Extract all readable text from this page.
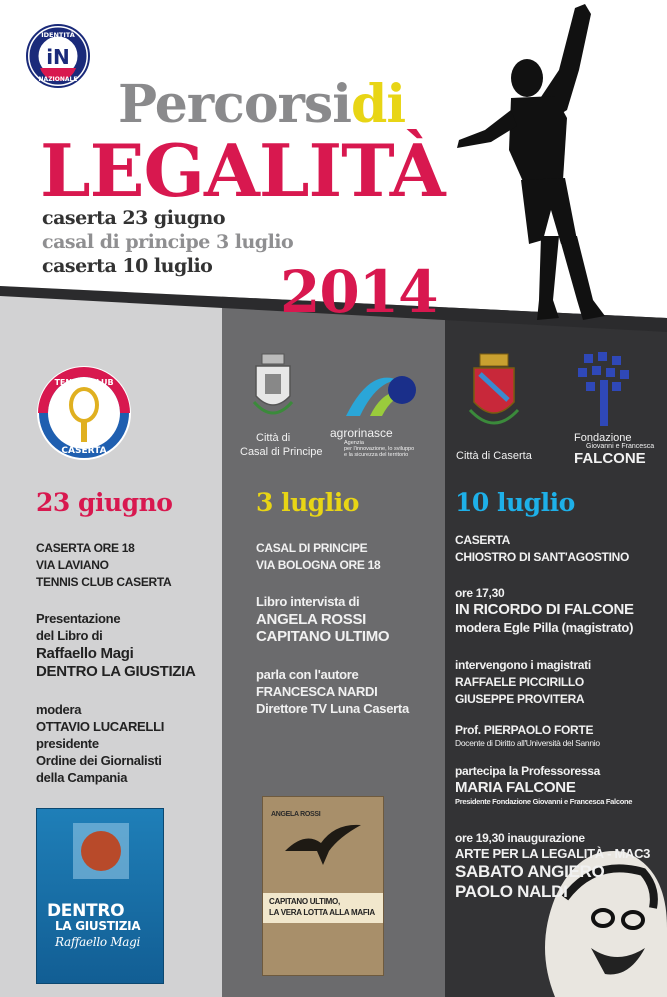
iN
IDENTITÀ
NAZIONALE Percorsidi
LEGALITÀ
caserta 23 giugno
casal di principe 3 luglio
caserta 10 luglio	2014
TENNIS CLUB
CASERTA
Città di
Casal di Principe
agrorinasce
Agenzia
per l'innovazione, lo sviluppo
e la sicurezza del territorio	Città di Caserta
Fondazione
Giovanni e Francesca
FALCONE
23 giugno	3 luglio	10 luglio
CASERTA ORE 18
VIA LAVIANO
TENNIS CLUB CASERTA
Presentazione
del Libro di
Raffaello Magi
DENTRO LA GIUSTIZIA
modera
OTTAVIO LUCARELLI
presidente
Ordine dei Giornalisti
della Campania
DENTRO
LA GIUSTIZIA
Raffaello Magi
CASAL DI PRINCIPE
VIA BOLOGNA ORE 18
Libro intervista di
ANGELA ROSSI
CAPITANO ULTIMO
parla con l'autore
FRANCESCA NARDI
Direttore TV Luna Caserta
ANGELA ROSSI
CAPITANO ULTIMO,
LA VERA LOTTA ALLA MAFIA
CASERTA
CHIOSTRO DI SANT'AGOSTINO
ore 17,30
IN RICORDO DI FALCONE
modera Egle Pilla (magistrato)
intervengono i magistrati
RAFFAELE PICCIRILLO
GIUSEPPE PROVITERA
Prof. PIERPAOLO FORTE
Docente di Diritto all'Università del Sannio
partecipa la Professoressa
MARIA FALCONE
Presidente Fondazione Giovanni e Francesca Falcone
ore 19,30 inaugurazione
ARTE PER LA LEGALITÀ - MAC3
SABATO ANGIERO
PAOLO NALDI
